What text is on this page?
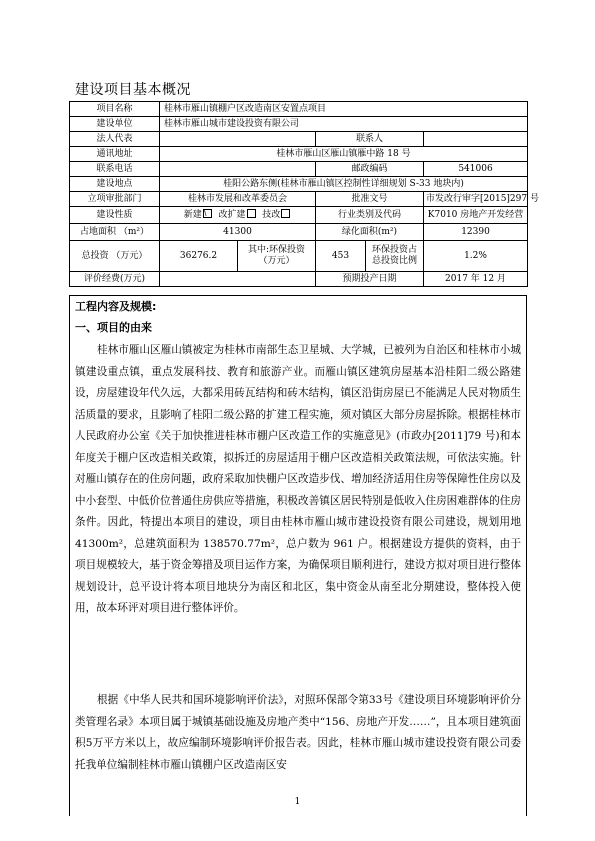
建设项目基本概况
项目名称	桂林市雁山镇棚户区改造南区安置点项目				
建设单位	桂林市雁山城市建设投资有限公司				
法人代表			联系人		
通讯地址	桂林市雁山区雁山镇雁中路 18 号				
联系电话			邮政编码		541006
建设地点	桂阳公路东侧(桂林市雁山镇区控制性详细规划 S-33 地块内)				
立项审批部门	桂林市发展和改革委员会		批准文号		市发改行审字[2015]297 号
建设性质	新建 \ 改扩建 技改		行业类别及代码		K7010 房地产开发经营
占地面积 （m²）	41300		绿化面积(m²)		12390
总投资 （万元）	36276.2	其中:环保投资（万元）	453	环保投资占总投资比例	1.2%
评价经费(万元)			预期投产日期		2017 年 12 月
工程内容及规模:
一、项目的由来
桂林市雁山区雁山镇被定为桂林市南部生态卫星城、大学城，已被列为自治区和桂林市小城镇建设重点镇，重点发展科技、教育和旅游产业。而雁山镇区建筑房屋基本沿桂阳二级公路建设，房屋建设年代久远，大都采用砖瓦结构和砖木结构，镇区沿街房屋已不能满足人民对物质生活质量的要求，且影响了桂阳二级公路的扩建工程实施，须对镇区大部分房屋拆除。根据桂林市人民政府办公室《关于加快推进桂林市棚户区改造工作的实施意见》(市政办[2011]79 号)和本年度关于棚户区改造相关政策，拟拆迁的房屋适用于棚户区改造相关政策法规，可依法实施。针对雁山镇存在的住房问题，政府采取加快棚户区改造步伐、增加经济适用住房等保障性住房以及中小套型、中低价位普通住房供应等措施，积极改善镇区居民特别是低收入住房困难群体的住房条件。因此，特提出本项目的建设，项目由桂林市雁山城市建设投资有限公司建设，规划用地 41300m²，总建筑面积为 138570.77m²，总户数为 961 户。根据建设方提供的资料，由于项目规模较大，基于资金筹措及项目运作方案，为确保项目顺利进行，建设方拟对项目进行整体规划设计，总平设计将本项目地块分为南区和北区，集中资金从南至北分期建设，整体投入使用，故本环评对项目进行整体评价。
根据《中华人民共和国环境影响评价法》，对照环保部令第33号《建设项目环境影响评价分类管理名录》本项目属于城镇基础设施及房地产类中“156、房地产开发……”，且本项目建筑面积5万平方米以上，故应编制环境影响评价报告表。因此，桂林市雁山城市建设投资有限公司委托我单位编制桂林市雁山镇棚户区改造南区安
1
